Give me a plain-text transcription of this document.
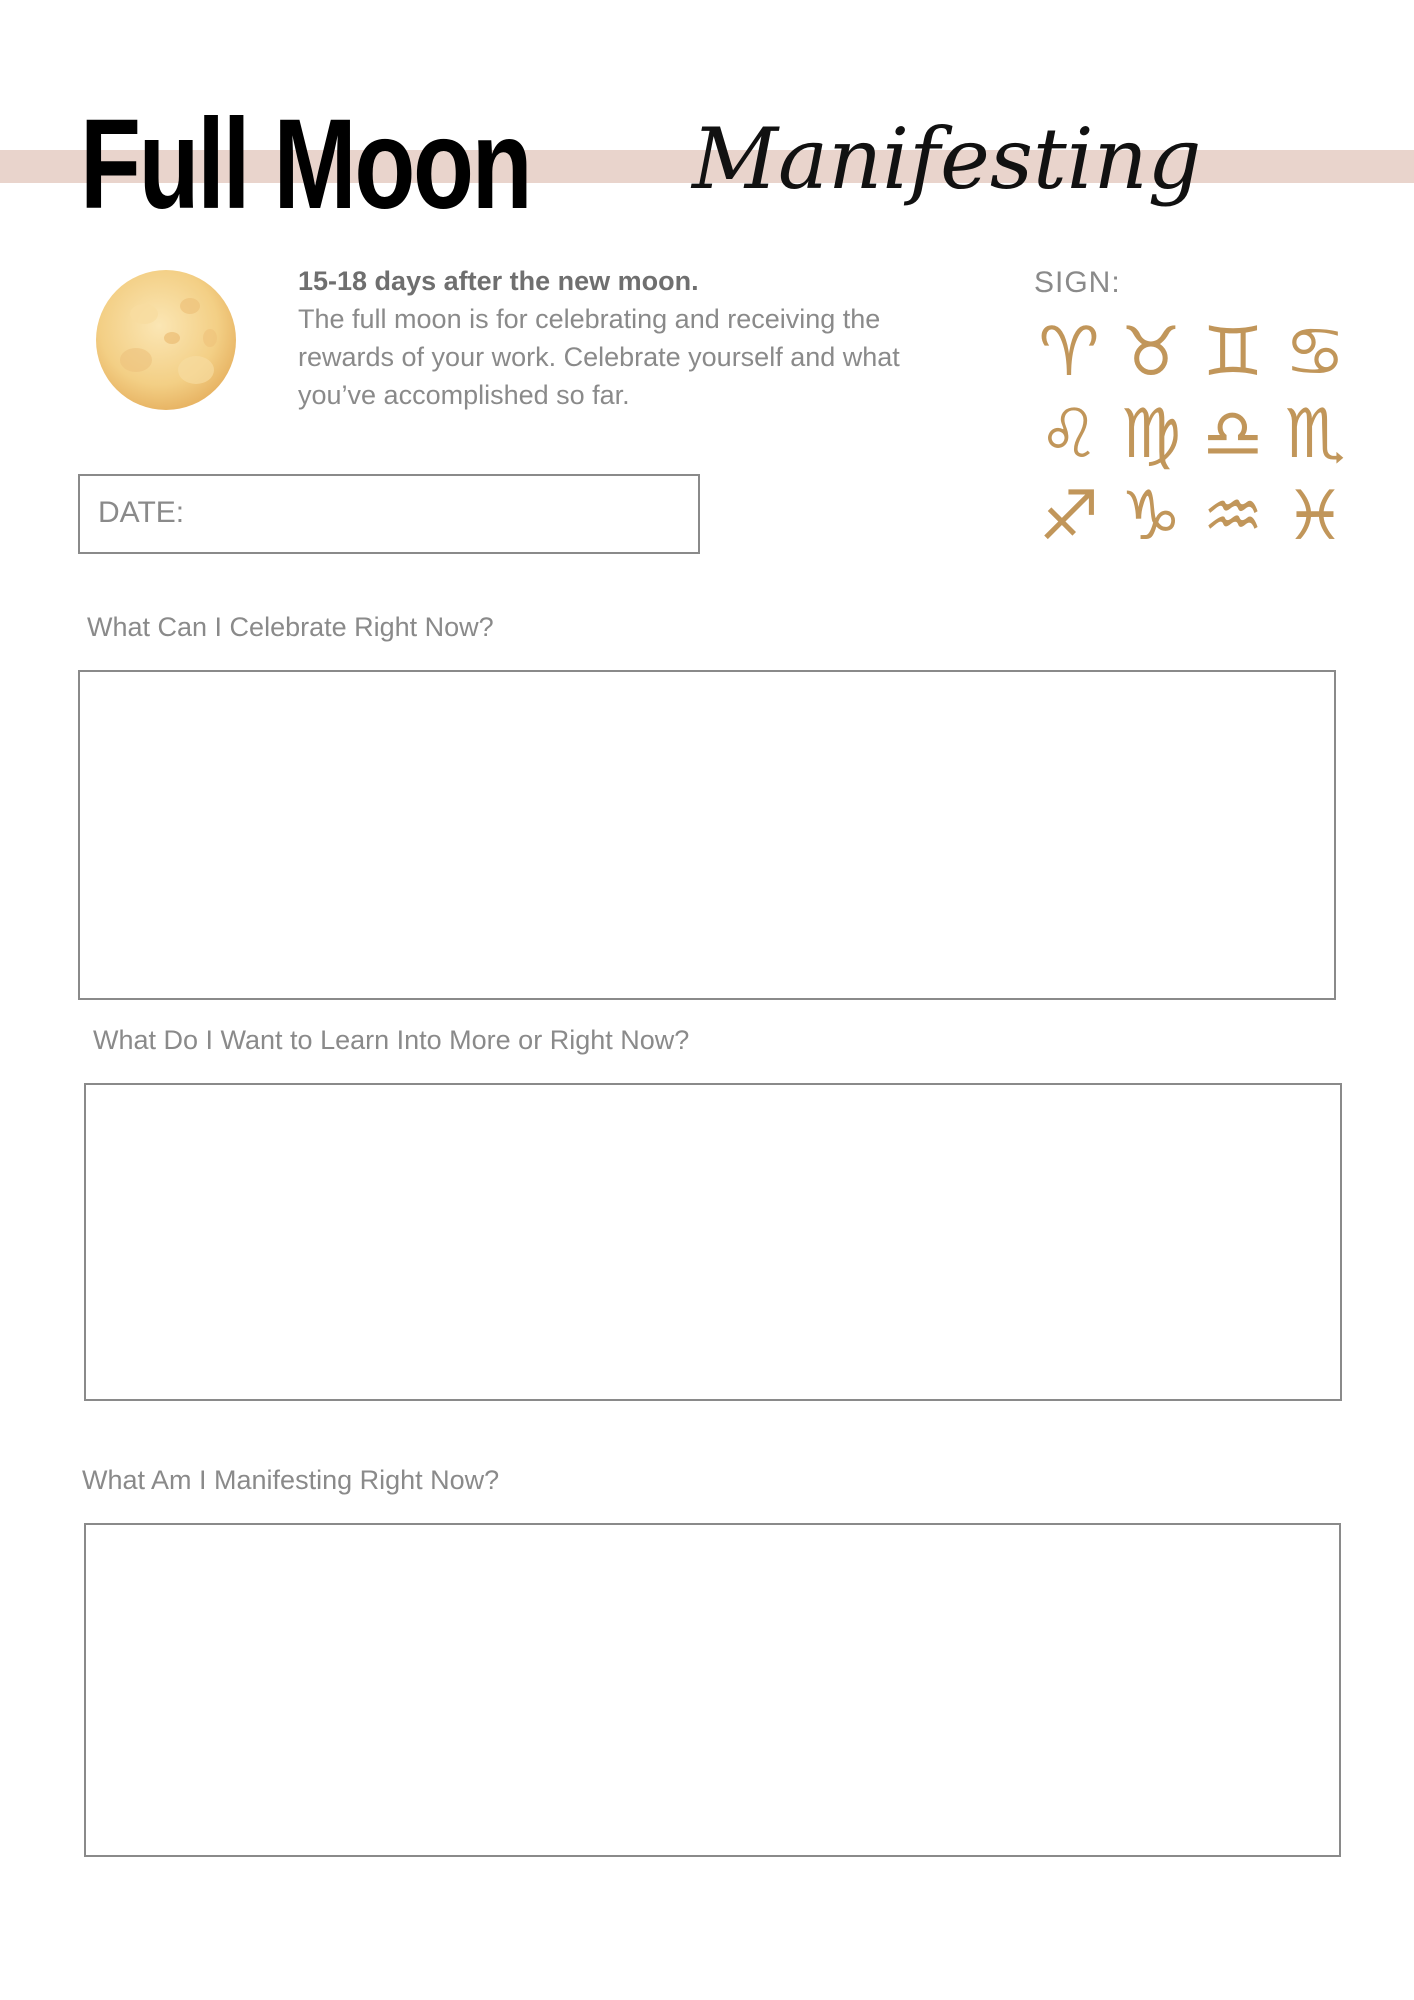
Full Moon Manifesting
15-18 days after the new moon.
The full moon is for celebrating and receiving the rewards of your work. Celebrate yourself and what you’ve accomplished so far.
SIGN:
♈ ♉ ♊ ♋
♌ ♍ ♎ ♏
♐ ♑ ♒ ♓
DATE:
What Can I Celebrate Right Now?
What Do I Want to Learn Into More or Right Now?
What Am I Manifesting Right Now?
